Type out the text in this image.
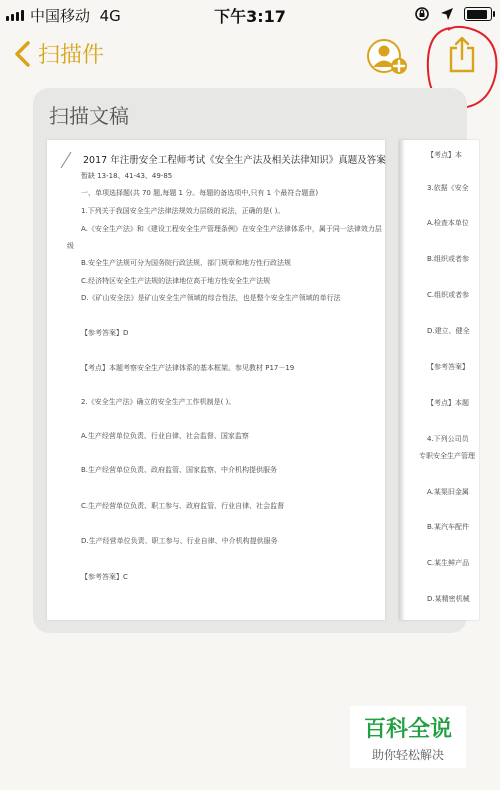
中国移动 4G	下午3:17
扫描件
扫描文稿
2017 年注册安全工程师考试《安全生产法及相关法律知识》真题及答案
暂缺 13-18、41-43、49-85
一、单项选择题(共 70 题,每题 1 分。每题的备选项中,只有 1 个最符合题意)
1.下列关于我国安全生产法律法规效力层级的说法，正确的是( )。
A.《安全生产法》和《建设工程安全生产管理条例》在安全生产法律体系中，属于同一法律效力层
级
B.安全生产法规可分为国务院行政法规、部门规章和地方性行政法规
C.经济特区安全生产法规的法律地位高于地方性安全生产法规
D.《矿山安全法》是矿山安全生产领域的综合性法，也是整个安全生产领域的单行法
【参考答案】D
【考点】本题考察安全生产法律体系的基本框架。参见教材 P17－19
2.《安全生产法》确立的安全生产工作机制是( )。
A.生产经营单位负责、行业自律、社会监督、国家监察
B.生产经营单位负责、政府监管、国家监察、中介机构提供服务
C.生产经营单位负责、职工参与、政府监管、行业自律、社会监督
D.生产经营单位负责、职工参与、行业自律、中介机构提供服务
【参考答案】C
【考点】本
3.依据《安全
A.检查本单位
B.组织或者参
C.组织或者参
D.建立、健全
【参考答案】
【考点】本题
4.下列公司员
专职安全生产管理
A.某渠旧金属
B.某汽车配件
C.某生鲜产品
D.某精密机械
百科全说
助你轻松解决
